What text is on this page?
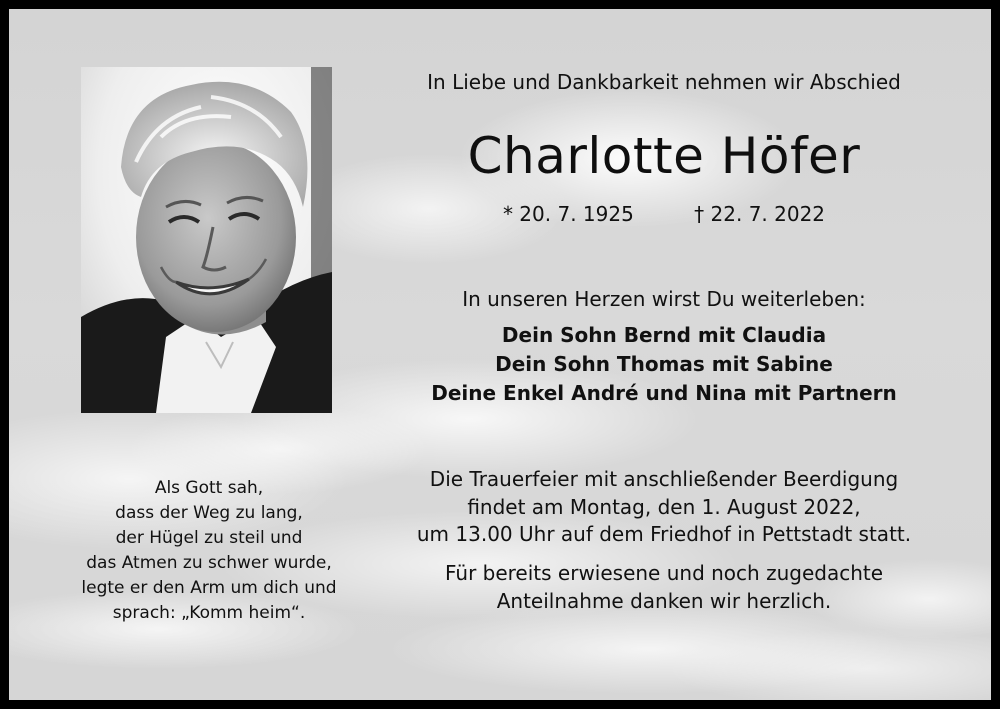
In Liebe und Dankbarkeit nehmen wir Abschied
Charlotte Höfer
* 20. 7. 1925	† 22. 7. 2022
In unseren Herzen wirst Du weiterleben:
Dein Sohn Bernd mit Claudia
Dein Sohn Thomas mit Sabine
Deine Enkel André und Nina mit Partnern
Die Trauerfeier mit anschließender Beerdigung
findet am Montag, den 1. August 2022,
um 13.00 Uhr auf dem Friedhof in Pettstadt statt.
Für bereits erwiesene und noch zugedachte
Anteilnahme danken wir herzlich.
Als Gott sah,
dass der Weg zu lang,
der Hügel zu steil und
das Atmen zu schwer wurde,
legte er den Arm um dich und
sprach: „Komm heim“.
